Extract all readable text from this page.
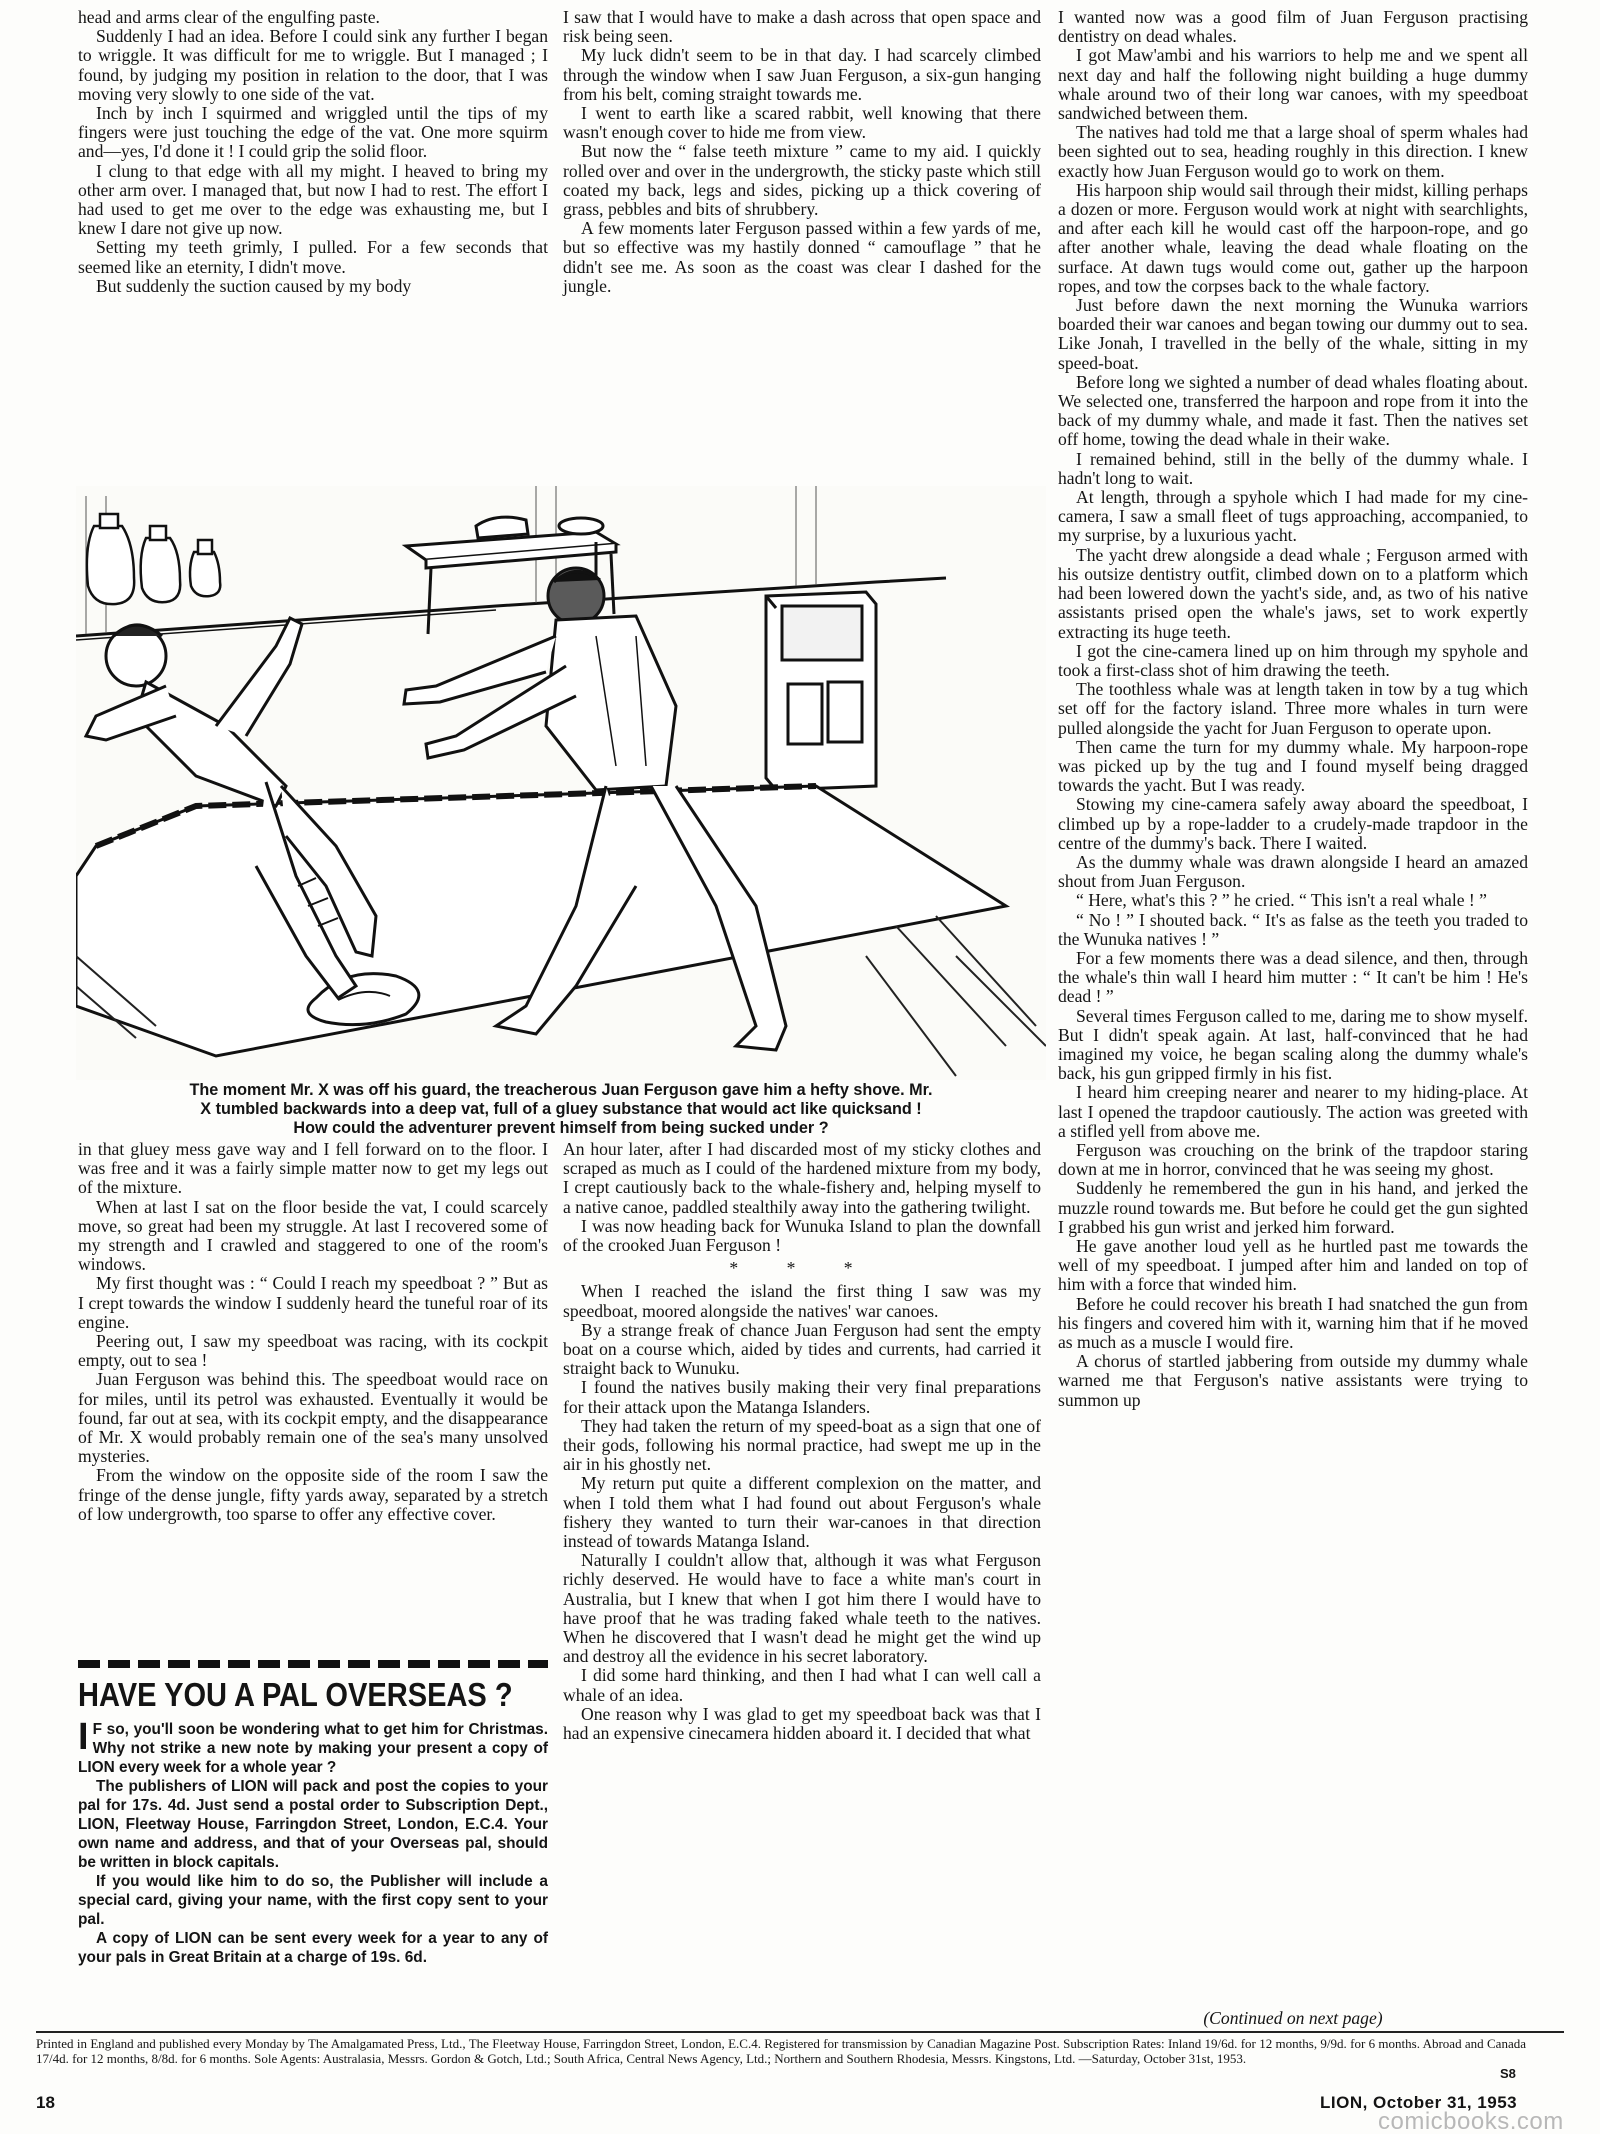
head and arms clear of the engulfing paste.

Suddenly I had an idea. Before I could sink any further I began to wriggle. It was difficult for me to wriggle. But I managed ; I found, by judging my position in relation to the door, that I was moving very slowly to one side of the vat.

Inch by inch I squirmed and wriggled until the tips of my fingers were just touching the edge of the vat. One more squirm and—yes, I'd done it ! I could grip the solid floor.

I clung to that edge with all my might. I heaved to bring my other arm over. I managed that, but now I had to rest. The effort I had used to get me over to the edge was exhausting me, but I knew I dare not give up now.

Setting my teeth grimly, I pulled. For a few seconds that seemed like an eternity, I didn't move.

But suddenly the suction caused by my body

I saw that I would have to make a dash across that open space and risk being seen.

My luck didn't seem to be in that day. I had scarcely climbed through the window when I saw Juan Ferguson, a six-gun hanging from his belt, coming straight towards me.

I went to earth like a scared rabbit, well knowing that there wasn't enough cover to hide me from view.

But now the “ false teeth mixture ” came to my aid. I quickly rolled over and over in the undergrowth, the sticky paste which still coated my back, legs and sides, picking up a thick covering of grass, pebbles and bits of shrubbery.

A few moments later Ferguson passed within a few yards of me, but so effective was my hastily donned “ camouflage ” that he didn't see me. As soon as the coast was clear I dashed for the jungle.

I wanted now was a good film of Juan Ferguson practising dentistry on dead whales.

I got Maw'ambi and his warriors to help me and we spent all next day and half the following night building a huge dummy whale around two of their long war canoes, with my speedboat sandwiched between them.

The natives had told me that a large shoal of sperm whales had been sighted out to sea, heading roughly in this direction. I knew exactly how Juan Ferguson would go to work on them.

His harpoon ship would sail through their midst, killing perhaps a dozen or more. Ferguson would work at night with searchlights, and after each kill he would cast off the harpoon-rope, and go after another whale, leaving the dead whale floating on the surface. At dawn tugs would come out, gather up the harpoon ropes, and tow the corpses back to the whale factory.

Just before dawn the next morning the Wunuka warriors boarded their war canoes and began towing our dummy out to sea. Like Jonah, I travelled in the belly of the whale, sitting in my speed-boat.

Before long we sighted a number of dead whales floating about. We selected one, transferred the harpoon and rope from it into the back of my dummy whale, and made it fast. Then the natives set off home, towing the dead whale in their wake.

I remained behind, still in the belly of the dummy whale. I hadn't long to wait.

At length, through a spyhole which I had made for my cine-camera, I saw a small fleet of tugs approaching, accompanied, to my surprise, by a luxurious yacht.

The yacht drew alongside a dead whale ; Ferguson armed with his outsize dentistry outfit, climbed down on to a platform which had been lowered down the yacht's side, and, as two of his native assistants prised open the whale's jaws, set to work expertly extracting its huge teeth.

I got the cine-camera lined up on him through my spyhole and took a first-class shot of him drawing the teeth.

The toothless whale was at length taken in tow by a tug which set off for the factory island. Three more whales in turn were pulled alongside the yacht for Juan Ferguson to operate upon.

Then came the turn for my dummy whale. My harpoon-rope was picked up by the tug and I found myself being dragged towards the yacht. But I was ready.

Stowing my cine-camera safely away aboard the speedboat, I climbed up by a rope-ladder to a crudely-made trapdoor in the centre of the dummy's back. There I waited.

As the dummy whale was drawn alongside I heard an amazed shout from Juan Ferguson.

“ Here, what's this ? ” he cried. “ This isn't a real whale ! ”

“ No ! ” I shouted back. “ It's as false as the teeth you traded to the Wunuka natives ! ”

For a few moments there was a dead silence, and then, through the whale's thin wall I heard him mutter : “ It can't be him ! He's dead ! ”

Several times Ferguson called to me, daring me to show myself. But I didn't speak again. At last, half-convinced that he had imagined my voice, he began scaling along the dummy whale's back, his gun gripped firmly in his fist.

I heard him creeping nearer and nearer to my hiding-place. At last I opened the trapdoor cautiously. The action was greeted with a stifled yell from above me.

Ferguson was crouching on the brink of the trapdoor staring down at me in horror, convinced that he was seeing my ghost.

Suddenly he remembered the gun in his hand, and jerked the muzzle round towards me. But before he could get the gun sighted I grabbed his gun wrist and jerked him forward.

He gave another loud yell as he hurtled past me towards the well of my speedboat. I jumped after him and landed on top of him with a force that winded him.

Before he could recover his breath I had snatched the gun from his fingers and covered him with it, warning him that if he moved as much as a muscle I would fire.

A chorus of startled jabbering from outside my dummy whale warned me that Ferguson's native assistants were trying to summon up

The moment Mr. X was off his guard, the treacherous Juan Ferguson gave him a hefty shove. Mr.
X tumbled backwards into a deep vat, full of a gluey substance that would act like quicksand !
How could the adventurer prevent himself from being sucked under ?

in that gluey mess gave way and I fell forward on to the floor. I was free and it was a fairly simple matter now to get my legs out of the mixture.

When at last I sat on the floor beside the vat, I could scarcely move, so great had been my struggle. At last I recovered some of my strength and I crawled and staggered to one of the room's windows.

My first thought was : “ Could I reach my speedboat ? ” But as I crept towards the window I suddenly heard the tuneful roar of its engine.

Peering out, I saw my speedboat was racing, with its cockpit empty, out to sea !

Juan Ferguson was behind this. The speedboat would race on for miles, until its petrol was exhausted. Eventually it would be found, far out at sea, with its cockpit empty, and the disappearance of Mr. X would probably remain one of the sea's many unsolved mysteries.

From the window on the opposite side of the room I saw the fringe of the dense jungle, fifty yards away, separated by a stretch of low undergrowth, too sparse to offer any effective cover.

An hour later, after I had discarded most of my sticky clothes and scraped as much as I could of the hardened mixture from my body, I crept cautiously back to the whale-fishery and, helping myself to a native canoe, paddled stealthily away into the gathering twilight.

I was now heading back for Wunuka Island to plan the downfall of the crooked Juan Ferguson !

* * *

When I reached the island the first thing I saw was my speedboat, moored alongside the natives' war canoes.

By a strange freak of chance Juan Ferguson had sent the empty boat on a course which, aided by tides and currents, had carried it straight back to Wunuku.

I found the natives busily making their very final preparations for their attack upon the Matanga Islanders.

They had taken the return of my speed-boat as a sign that one of their gods, following his normal practice, had swept me up in the air in his ghostly net.

My return put quite a different complexion on the matter, and when I told them what I had found out about Ferguson's whale fishery they wanted to turn their war-canoes in that direction instead of towards Matanga Island.

Naturally I couldn't allow that, although it was what Ferguson richly deserved. He would have to face a white man's court in Australia, but I knew that when I got him there I would have to have proof that he was trading faked whale teeth to the natives. When he discovered that I wasn't dead he might get the wind up and destroy all the evidence in his secret laboratory.

I did some hard thinking, and then I had what I can well call a whale of an idea.

One reason why I was glad to get my speedboat back was that I had an expensive cinecamera hidden aboard it. I decided that what

HAVE YOU A PAL OVERSEAS ?

I F so, you'll soon be wondering what to get him for Christmas. Why not strike a new note by making your present a copy of LION every week for a whole year ?

The publishers of LION will pack and post the copies to your pal for 17s. 4d. Just send a postal order to Subscription Dept., LION, Fleetway House, Farringdon Street, London, E.C.4. Your own name and address, and that of your Overseas pal, should be written in block capitals.

If you would like him to do so, the Publisher will include a special card, giving your name, with the first copy sent to your pal.

A copy of LION can be sent every week for a year to any of your pals in Great Britain at a charge of 19s. 6d.

(Continued on next page)
Printed in England and published every Monday by The Amalgamated Press, Ltd., The Fleetway House, Farringdon Street, London, E.C.4. Registered for transmission by Canadian Magazine Post. Subscription Rates: Inland 19/6d. for 12 months, 9/9d. for 6 months. Abroad and Canada 17/4d. for 12 months, 8/8d. for 6 months. Sole Agents: Australasia, Messrs. Gordon & Gotch, Ltd.; South Africa, Central News Agency, Ltd.; Northern and Southern Rhodesia, Messrs. Kingstons, Ltd. —Saturday, October 31st, 1953.
S8
18	LION, October 31, 1953
comicbooks.com
